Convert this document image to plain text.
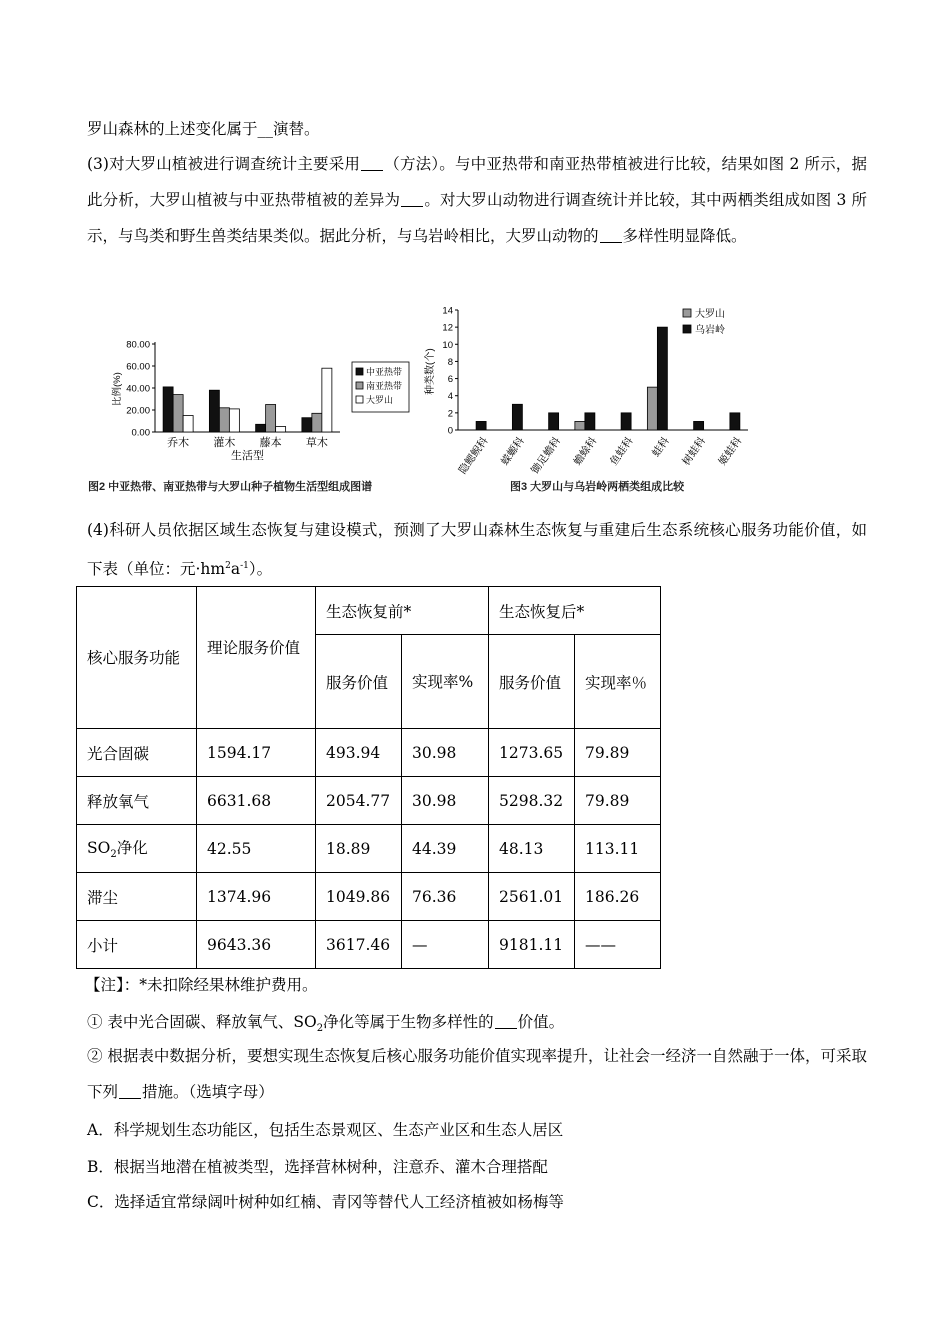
罗山森林的上述变化属于__演替。
(3)对大罗山植被进行调查统计主要采用 （方法）。与中亚热带和南亚热带植被进行比较，结果如图 2 所示，据此分析，大罗山植被与中亚热带植被的差异为 。对大罗山动物进行调查统计并比较，其中两栖类组成如图 3 所示，与鸟类和野生兽类结果类似。据此分析，与乌岩岭相比，大罗山动物的 多样性明显降低。
0.00
20.00
40.00
60.00
80.00
比例(%)
乔木 灌木 藤本 草木
生活型
中亚热带
南亚热带
大罗山
图2 中亚热带、南亚热带与大罗山种子植物生活型组成图谱
0
2
4
6
8
10
12
14
种类数(个)
隐鳃鲵科 蝾螈科 锄足蟾科 蟾蜍科 鱼蛙科 蛙科 树蛙科 姬蛙科
大罗山
乌岩岭
图3 大罗山与乌岩岭两栖类组成比较
(4)科研人员依据区域生态恢复与建设模式，预测了大罗山森林生态恢复与重建后生态系统核心服务功能价值，如下表（单位：元$\cdot hm^2a^{-1}$）。
核心服务功能	理论服务价值	生态恢复前*		生态恢复后*	
		服务价值	实现率%	服务价值	实现率％
光合固碳	1594.17	493.94	30.98	1273.65	79.89
释放氧气	6631.68	2054.77	30.98	5298.32	79.89
$SO_2$净化	42.55	18.89	44.39	48.13	113.11
滞尘	1374.96	1049.86	76.36	2561.01	186.26
小计	9643.36	3617.46	—	9181.11	——
【注】：*未扣除经果林维护费用。
① 表中光合固碳、释放氧气、$SO_2$净化等属于生物多样性的 价值。
② 根据表中数据分析，要想实现生态恢复后核心服务功能价值实现率提升，让社会一经济一自然融于一体，可采取下列 措施。（选填字母）
A．科学规划生态功能区，包括生态景观区、生态产业区和生态人居区
B．根据当地潜在植被类型，选择营林树种，注意乔、灌木合理搭配
C．选择适宜常绿阔叶树种如红楠、青冈等替代人工经济植被如杨梅等
